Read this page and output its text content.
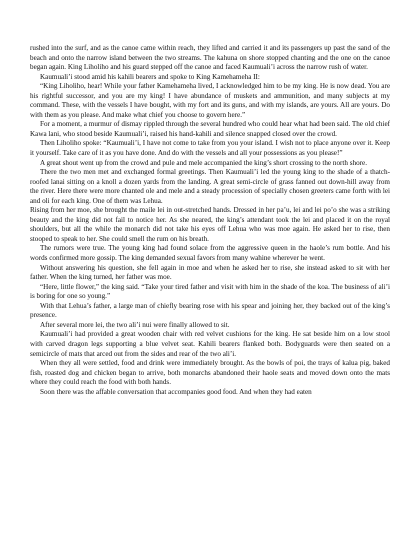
rushed into the surf, and as the canoe came within reach, they lifted and carried it and its passengers up past the sand of the beach and onto the narrow island between the two streams. The kahuna on shore stopped chanting and the one on the canoe began again. King Liholiho and his guard stepped off the canoe and faced Kaumuali’i across the narrow rush of water.

Kaumuali’i stood amid his kahili bearers and spoke to King Kamehameha II:

“King Liholiho, hear! While your father Kamehameha lived, I acknowledged him to be my king. He is now dead. You are his rightful successor, and you are my king! I have abundance of muskets and ammunition, and many subjects at my command. These, with the vessels I have bought, with my fort and its guns, and with my islands, are yours. All are yours. Do with them as you please. And make what chief you choose to govern here.”

For a moment, a murmur of dismay rippled through the several hundred who could hear what had been said. The old chief Kawa lani, who stood beside Kaumuali’i, raised his hand-kahili and silence snapped closed over the crowd.

Then Liholiho spoke: “Kaumuali’i, I have not come to take from you your island. I wish not to place anyone over it. Keep it yourself. Take care of it as you have done. And do with the vessels and all your possessions as you please!”

A great shout went up from the crowd and pule and mele accompanied the king’s short crossing to the north shore.

There the two men met and exchanged formal greetings. Then Kaumuali’i led the young king to the shade of a thatch-roofed lanai sitting on a knoll a dozen yards from the landing. A great semi-circle of grass fanned out down-hill away from the river. Here there were more chanted ole and mele and a steady procession of specially chosen greeters came forth with lei and oli for each king. One of them was Lehua.

Rising from her moe, she brought the maile lei in out-stretched hands. Dressed in her pa’u, lei and lei po’o she was a striking beauty and the king did not fail to notice her. As she neared, the king’s attendant took the lei and placed it on the royal shoulders, but all the while the monarch did not take his eyes off Lehua who was moe again. He asked her to rise, then stooped to speak to her. She could smell the rum on his breath.

The rumors were true. The young king had found solace from the aggressive queen in the haole’s rum bottle. And his words confirmed more gossip. The king demanded sexual favors from many wahine wherever he went.

Without answering his question, she fell again in moe and when he asked her to rise, she instead asked to sit with her father. When the king turned, her father was moe.

“Here, little flower,” the king said. “Take your tired father and visit with him in the shade of the koa. The business of ali’i is boring for one so young.”

With that Lehua’s father, a large man of chiefly bearing rose with his spear and joining her, they backed out of the king’s presence.

After several more lei, the two ali’i nui were finally allowed to sit.

Kaumuali’i had provided a great wooden chair with red velvet cushions for the king. He sat beside him on a low stool with carved dragon legs supporting a blue velvet seat. Kahili bearers flanked both. Bodyguards were then seated on a semicircle of mats that arced out from the sides and rear of the two ali’i.

When they all were settled, food and drink were immediately brought. As the bowls of poi, the trays of kalua pig, baked fish, roasted dog and chicken began to arrive, both monarchs abandoned their haole seats and moved down onto the mats where they could reach the food with both hands.

Soon there was the affable conversation that accompanies good food. And when they had eaten
